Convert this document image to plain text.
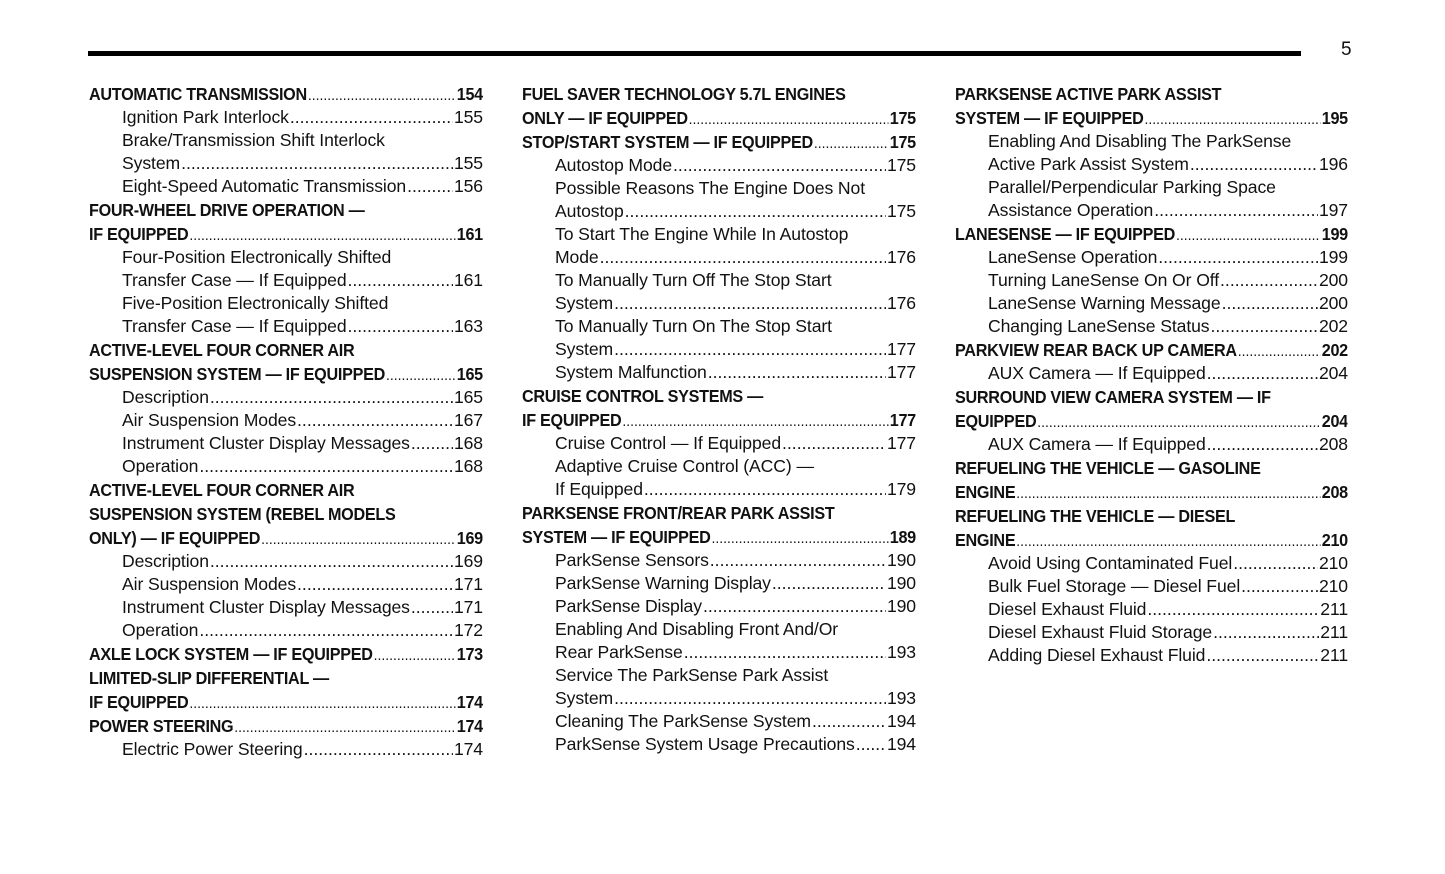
5
AUTOMATIC TRANSMISSION .....	154
Ignition Park Interlock .....	155
Brake/Transmission Shift Interlock
System .....	155
Eight-Speed Automatic Transmission .....	156
FOUR-WHEEL DRIVE OPERATION —
IF EQUIPPED .....	161
Four-Position Electronically Shifted
Transfer Case — If Equipped .....	161
Five-Position Electronically Shifted
Transfer Case — If Equipped .....	163
ACTIVE-LEVEL FOUR CORNER AIR
SUSPENSION SYSTEM — IF EQUIPPED .....	165
Description .....	165
Air Suspension Modes .....	167
Instrument Cluster Display Messages .....	168
Operation .....	168
ACTIVE-LEVEL FOUR CORNER AIR
SUSPENSION SYSTEM (REBEL MODELS
ONLY) — IF EQUIPPED .....	169
Description .....	169
Air Suspension Modes .....	171
Instrument Cluster Display Messages .....	171
Operation .....	172
AXLE LOCK SYSTEM — IF EQUIPPED .....	173
LIMITED-SLIP DIFFERENTIAL —
IF EQUIPPED .....	174
POWER STEERING .....	174
Electric Power Steering .....	174
FUEL SAVER TECHNOLOGY 5.7L ENGINES
ONLY — IF EQUIPPED .....	175
STOP/START SYSTEM — IF EQUIPPED .....	175
Autostop Mode .....	175
Possible Reasons The Engine Does Not
Autostop .....	175
To Start The Engine While In Autostop
Mode .....	176
To Manually Turn Off The Stop Start
System .....	176
To Manually Turn On The Stop Start
System .....	177
System Malfunction .....	177
CRUISE CONTROL SYSTEMS —
IF EQUIPPED .....	177
Cruise Control — If Equipped .....	177
Adaptive Cruise Control (ACC) —
If Equipped .....	179
PARKSENSE FRONT/REAR PARK ASSIST
SYSTEM — IF EQUIPPED .....	189
ParkSense Sensors .....	190
ParkSense Warning Display .....	190
ParkSense Display .....	190
Enabling And Disabling Front And/Or
Rear ParkSense .....	193
Service The ParkSense Park Assist
System .....	193
Cleaning The ParkSense System .....	194
ParkSense System Usage Precautions ..... 194
PARKSENSE ACTIVE PARK ASSIST
SYSTEM — IF EQUIPPED .....	195
Enabling And Disabling The ParkSense
Active Park Assist System .....	196
Parallel/Perpendicular Parking Space
Assistance Operation .....	197
LANESENSE — IF EQUIPPED .....	199
LaneSense Operation .....	199
Turning LaneSense On Or Off .....	200
LaneSense Warning Message .....	200
Changing LaneSense Status .....	202
PARKVIEW REAR BACK UP CAMERA .....	202
AUX Camera — If Equipped .....	204
SURROUND VIEW CAMERA SYSTEM — IF
EQUIPPED .....	204
AUX Camera — If Equipped .....	208
REFUELING THE VEHICLE — GASOLINE
ENGINE .....	208
REFUELING THE VEHICLE — DIESEL
ENGINE .....	210
Avoid Using Contaminated Fuel .....	210
Bulk Fuel Storage — Diesel Fuel .....	210
Diesel Exhaust Fluid .....	211
Diesel Exhaust Fluid Storage .....	211
Adding Diesel Exhaust Fluid .....	211
